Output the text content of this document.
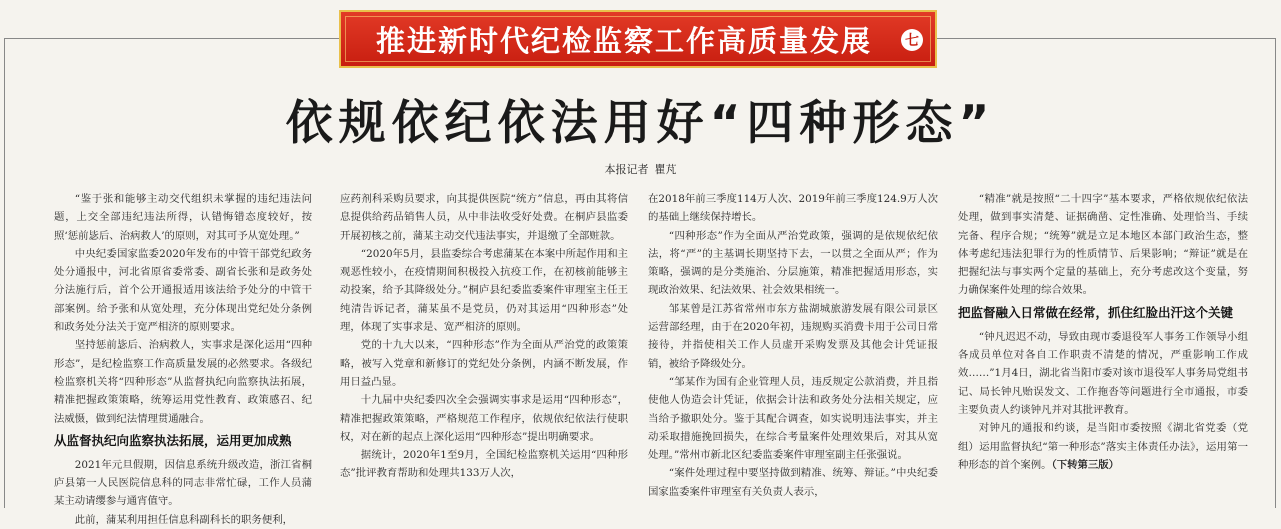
推进新时代纪检监察工作高质量发展 七
依规依纪依法用好“四种形态”
本报记者 瞿芃

“鉴于张和能够主动交代组织未掌握的违纪违法问题，上交全部违纪违法所得，认错悔错态度较好，按照‘惩前毖后、治病救人’的原则，对其可予从宽处理。”

中央纪委国家监委2020年发布的中管干部党纪政务处分通报中，河北省原省委常委、副省长张和是政务处分法施行后，首个公开通报适用该法给予处分的中管干部案例。给予张和从宽处理，充分体现出党纪处分条例和政务处分法关于宽严相济的原则要求。

坚持惩前毖后、治病救人，实事求是深化运用“四种形态”，是纪检监察工作高质量发展的必然要求。各级纪检监察机关将“四种形态”从监督执纪向监察执法拓展，精准把握政策策略，统筹运用党性教育、政策感召、纪法威慑，做到纪法情理贯通融合。

从监督执纪向监察执法拓展，运用更加成熟

2021年元旦假期，因信息系统升级改造，浙江省桐庐县第一人民医院信息科的同志非常忙碌，工作人员蒲某主动请缨参与通宵值守。

此前，蒲某利用担任信息科副科长的职务便利，

应药剂科采购员要求，向其提供医院“统方”信息，再由其将信息提供给药品销售人员，从中非法收受好处费。在桐庐县监委开展初核之前，蒲某主动交代违法事实，并退缴了全部赃款。

“2020年5月，县监委综合考虑蒲某在本案中所起作用和主观恶性较小，在疫情期间积极投入抗疫工作，在初核前能够主动投案，给予其降级处分。”桐庐县纪委监委案件审理室主任王纯清告诉记者，蒲某虽不是党员，仍对其运用“四种形态”处理，体现了实事求是、宽严相济的原则。

党的十九大以来，“四种形态”作为全面从严治党的政策策略，被写入党章和新修订的党纪处分条例，内涵不断发展，作用日益凸显。

十九届中央纪委四次全会强调实事求是运用“四种形态”，精准把握政策策略，严格规范工作程序，依规依纪依法行使职权，对在新的起点上深化运用“四种形态”提出明确要求。

据统计，2020年1至9月，全国纪检监察机关运用“四种形态”批评教育帮助和处理共133万人次，

在2018年前三季度114万人次、2019年前三季度124.9万人次的基础上继续保持增长。

“四种形态”作为全面从严治党政策，强调的是依规依纪依法，将“严”的主基调长期坚持下去，一以贯之全面从严；作为策略，强调的是分类施治、分层施策，精准把握适用形态，实现政治效果、纪法效果、社会效果相统一。

邹某曾是江苏省常州市东方盐湖城旅游发展有限公司景区运营部经理，由于在2020年初，违规购买消费卡用于公司日常接待，并指使相关工作人员虚开采购发票及其他会计凭证报销，被给予降级处分。

“邹某作为国有企业管理人员，违反规定公款消费，并且指使他人伪造会计凭证，依据会计法和政务处分法相关规定，应当给予撤职处分。鉴于其配合调查，如实说明违法事实，并主动采取措施挽回损失，在综合考量案件处理效果后，对其从宽处理。”常州市新北区纪委监委案件审理室副主任张强说。

“案件处理过程中要坚持做到精准、统筹、辩证。”中央纪委国家监委案件审理室有关负责人表示，

“精准”就是按照“二十四字”基本要求，严格依规依纪依法处理，做到事实清楚、证据确凿、定性准确、处理恰当、手续完备、程序合规；“统筹”就是立足本地区本部门政治生态，整体考虑纪违法犯罪行为的性质情节、后果影响；“辩证”就是在把握纪法与事实两个定量的基础上，充分考虑改这个变量，努力确保案件处理的综合效果。

把监督融入日常做在经常，抓住红脸出汗这个关键

“钟凡迟迟不动，导致由现市委退役军人事务工作领导小组各成员单位对各自工作职责不清楚的情况，严重影响工作成效……”1月4日，湖北省当阳市委对该市退役军人事务局党组书记、局长钟凡贻误发文、工作拖沓等问题进行全市通报，市委主要负责人约谈钟凡并对其批评教育。

对钟凡的通报和约谈，是当阳市委按照《湖北省党委（党组）运用监督执纪“第一种形态”落实主体责任办法》，运用第一种形态的首个案例。（下转第三版）
